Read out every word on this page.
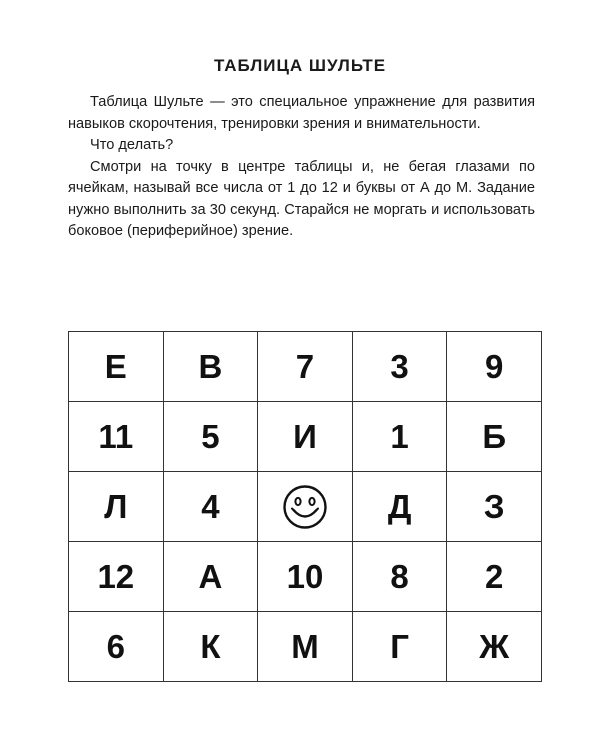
ТАБЛИЦА ШУЛЬТЕ

Таблица Шульте — это специальное упражнение для развития навыков скорочтения, тренировки зрения и внимательности.

Что делать?

Смотри на точку в центре таблицы и, не бегая глазами по ячейкам, называй все числа от 1 до 12 и буквы от А до М. Задание нужно выполнить за 30 секунд. Старайся не моргать и использовать боковое (периферийное) зрение.

Е	В	7	3	9
11	5	И	1	Б
Л	4		Д	З
12	А	10	8	2
6	К	М	Г	Ж
